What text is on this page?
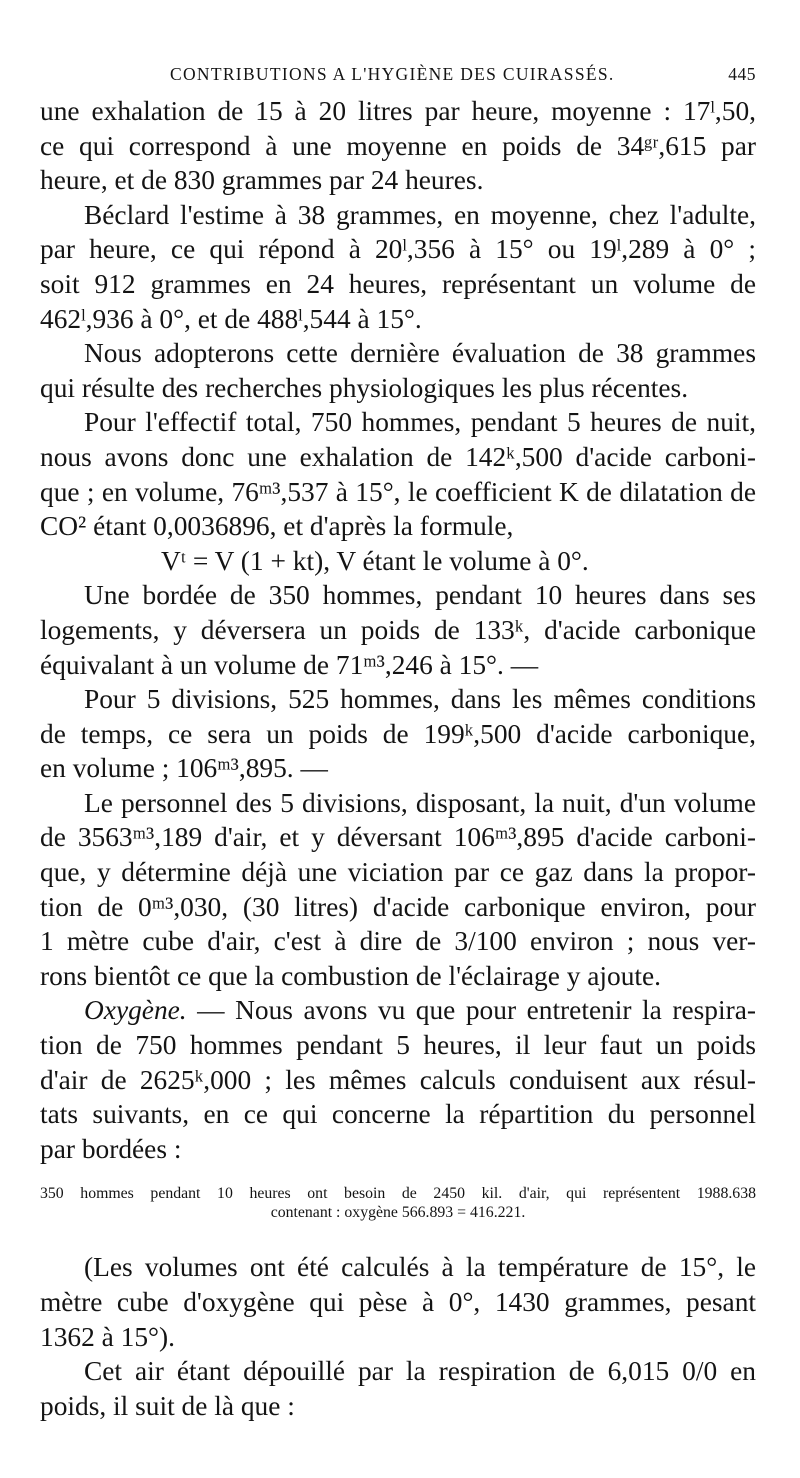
CONTRIBUTIONS A L'HYGIÈNE DES CUIRASSÉS.	445

une exhalation de 15 à 20 litres par heure, moyenne : 17ˡ,50,
ce qui correspond à une moyenne en poids de 34ᵍʳ,615 par
heure, et de 830 grammes par 24 heures.

Béclard l'estime à 38 grammes, en moyenne, chez l'adulte,
par heure, ce qui répond à 20ˡ,356 à 15° ou 19ˡ,289 à 0° ;
soit 912 grammes en 24 heures, représentant un volume de
462ˡ,936 à 0°, et de 488ˡ,544 à 15°.

Nous adopterons cette dernière évaluation de 38 grammes
qui résulte des recherches physiologiques les plus récentes.

Pour l'effectif total, 750 hommes, pendant 5 heures de nuit,
nous avons donc une exhalation de 142ᵏ,500 d'acide carboni-
que ; en volume, 76ᵐ³,537 à 15°, le coefficient K de dilatation de
CO² étant 0,0036896, et d'après la formule,

Vᵗ = V (1 + kt), V étant le volume à 0°.

Une bordée de 350 hommes, pendant 10 heures dans ses
logements, y déversera un poids de 133ᵏ, d'acide carbonique
équivalant à un volume de 71ᵐ³,246 à 15°. —

Pour 5 divisions, 525 hommes, dans les mêmes conditions
de temps, ce sera un poids de 199ᵏ,500 d'acide carbonique,
en volume ; 106ᵐ³,895. —

Le personnel des 5 divisions, disposant, la nuit, d'un volume
de 3563ᵐ³,189 d'air, et y déversant 106ᵐ³,895 d'acide carboni-
que, y détermine déjà une viciation par ce gaz dans la propor-
tion de 0ᵐ³,030, (30 litres) d'acide carbonique environ, pour
1 mètre cube d'air, c'est à dire de 3/100 environ ; nous ver-
rons bientôt ce que la combustion de l'éclairage y ajoute.

Oxygène. — Nous avons vu que pour entretenir la respira-
tion de 750 hommes pendant 5 heures, il leur faut un poids
d'air de 2625ᵏ,000 ; les mêmes calculs conduisent aux résul-
tats suivants, en ce qui concerne la répartition du personnel
par bordées :

350 hommes pendant 10 heures ont besoin de 2450 kil. d'air, qui représentent 1988.638
contenant : oxygène 566.893 = 416.221.

(Les volumes ont été calculés à la température de 15°, le
mètre cube d'oxygène qui pèse à 0°, 1430 grammes, pesant
1362 à 15°).

Cet air étant dépouillé par la respiration de 6,015 0/0 en
poids, il suit de là que :
